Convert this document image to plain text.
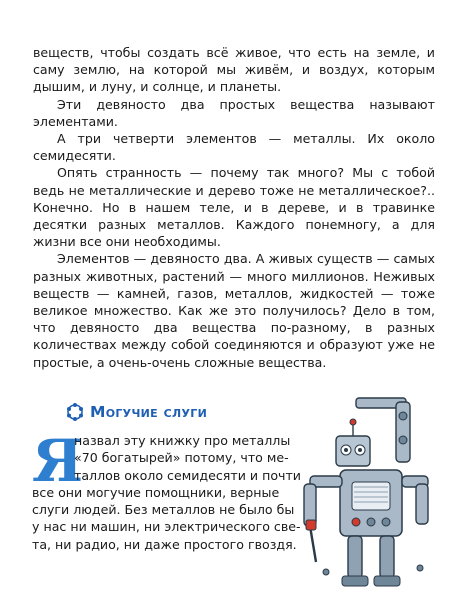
веществ, чтобы создать всё живое, что есть на земле, и саму землю, на которой мы живём, и воздух, которым дышим, и луну, и солнце, и планеты.

Эти девяносто два простых вещества называют элементами.

А три четверти элементов — металлы. Их около семидесяти.

Опять странность — почему так много? Мы с тобой ведь не металлические и дерево тоже не металлическое?.. Конечно. Но в нашем теле, и в дереве, и в травинке десятки разных металлов. Каждого понемногу, а для жизни все они необходимы.

Элементов — девяносто два. А живых существ — самых разных животных, растений — много миллионов. Неживых веществ — камней, газов, металлов, жидкостей — тоже великое множество. Как же это получилось? Дело в том, что девяносто два вещества по-разному, в разных количествах между собой соединяются и образуют уже не простые, а очень-очень сложные вещества.

Могучие слуги
Я
назвал эту книжку про металлы
«70 богатырей» потому, что ме-
таллов около семидесяти и почти
все они могучие помощники, верные
слуги людей. Без металлов не было бы
у нас ни машин, ни электрического све-
та, ни радио, ни даже простого гвоздя.
